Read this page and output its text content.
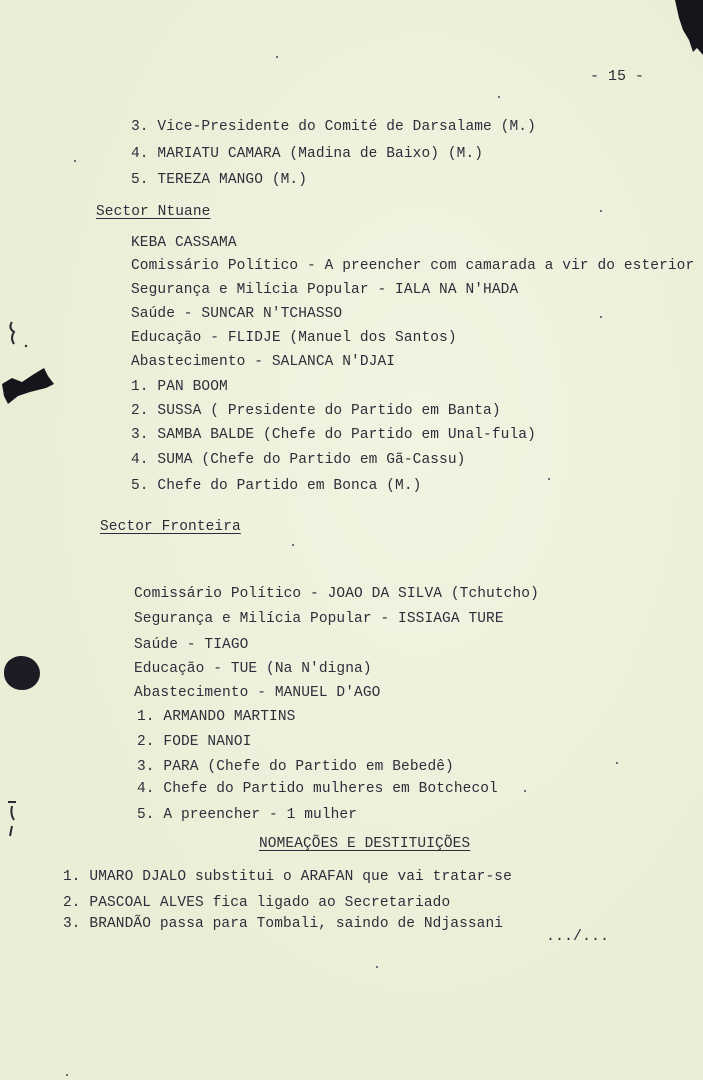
- 15 -
3. Vice-Presidente do Comité de Darsalame (M.)
4. MARIATU CAMARA (Madina de Baixo) (M.)
5. TEREZA MANGO (M.)
Sector Ntuane
KEBA CASSAMA
Comissário Político - A preencher com camarada a vir do esterior
Segurança e Milícia Popular - IALA NA N'HADA
Saúde - SUNCAR N'TCHASSO
Educação - FLIDJE (Manuel dos Santos)
Abastecimento - SALANCA N'DJAI
1. PAN BOOM
2. SUSSA ( Presidente do Partido em Banta)
3. SAMBA BALDE (Chefe do Partido em Unal-fula)
4. SUMA (Chefe do Partido em Gã-Cassu)
5. Chefe do Partido em Bonca (M.)
Sector Fronteira
Comissário Político - JOAO DA SILVA (Tchutcho)
Segurança e Milícia Popular - ISSIAGA TURE
Saúde - TIAGO
Educação - TUE (Na N'digna)
Abastecimento - MANUEL D'AGO
1. ARMANDO MARTINS
2. FODE NANOI
3. PARA (Chefe do Partido em Bebedê)
4. Chefe do Partido mulheres em Botchecol
5. A preencher - 1 mulher
NOMEAÇÕES E DESTITUIÇÕES
1. UMARO DJALO substitui o ARAFAN que vai tratar-se
2. PASCOAL ALVES fica ligado ao Secretariado
3. BRANDÃO passa para Tombali, saindo de Ndjassani
.../...
